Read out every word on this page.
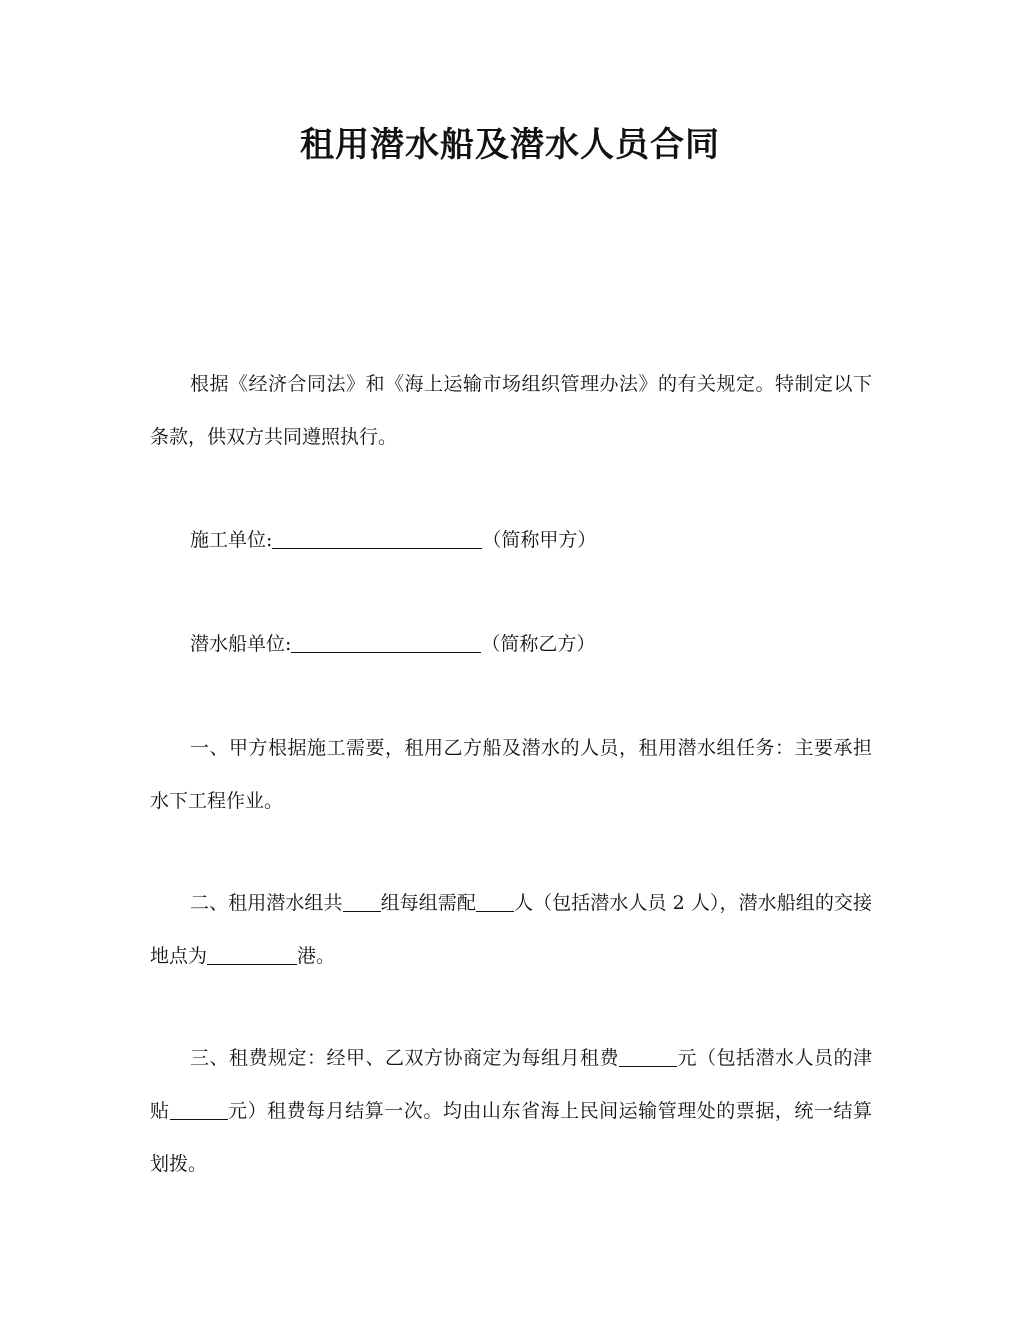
租用潜水船及潜水人员合同

根据《经济合同法》和《海上运输市场组织管理办法》的有关规定。特制定以下条款，供双方共同遵照执行。

施工单位:	（简称甲方）

潜水船单位:	（简称乙方）

一、甲方根据施工需要，租用乙方船及潜水的人员，租用潜水组任务：主要承担水下工程作业。

二、租用潜水组共 组每组需配 人（包括潜水人员 2 人），潜水船组的交接地点为	港。

三、租费规定：经甲、乙双方协商定为每组月租费	元（包括潜水人员的津贴	元）租费每月结算一次。均由山东省海上民间运输管理处的票据，统一结算划拨。
